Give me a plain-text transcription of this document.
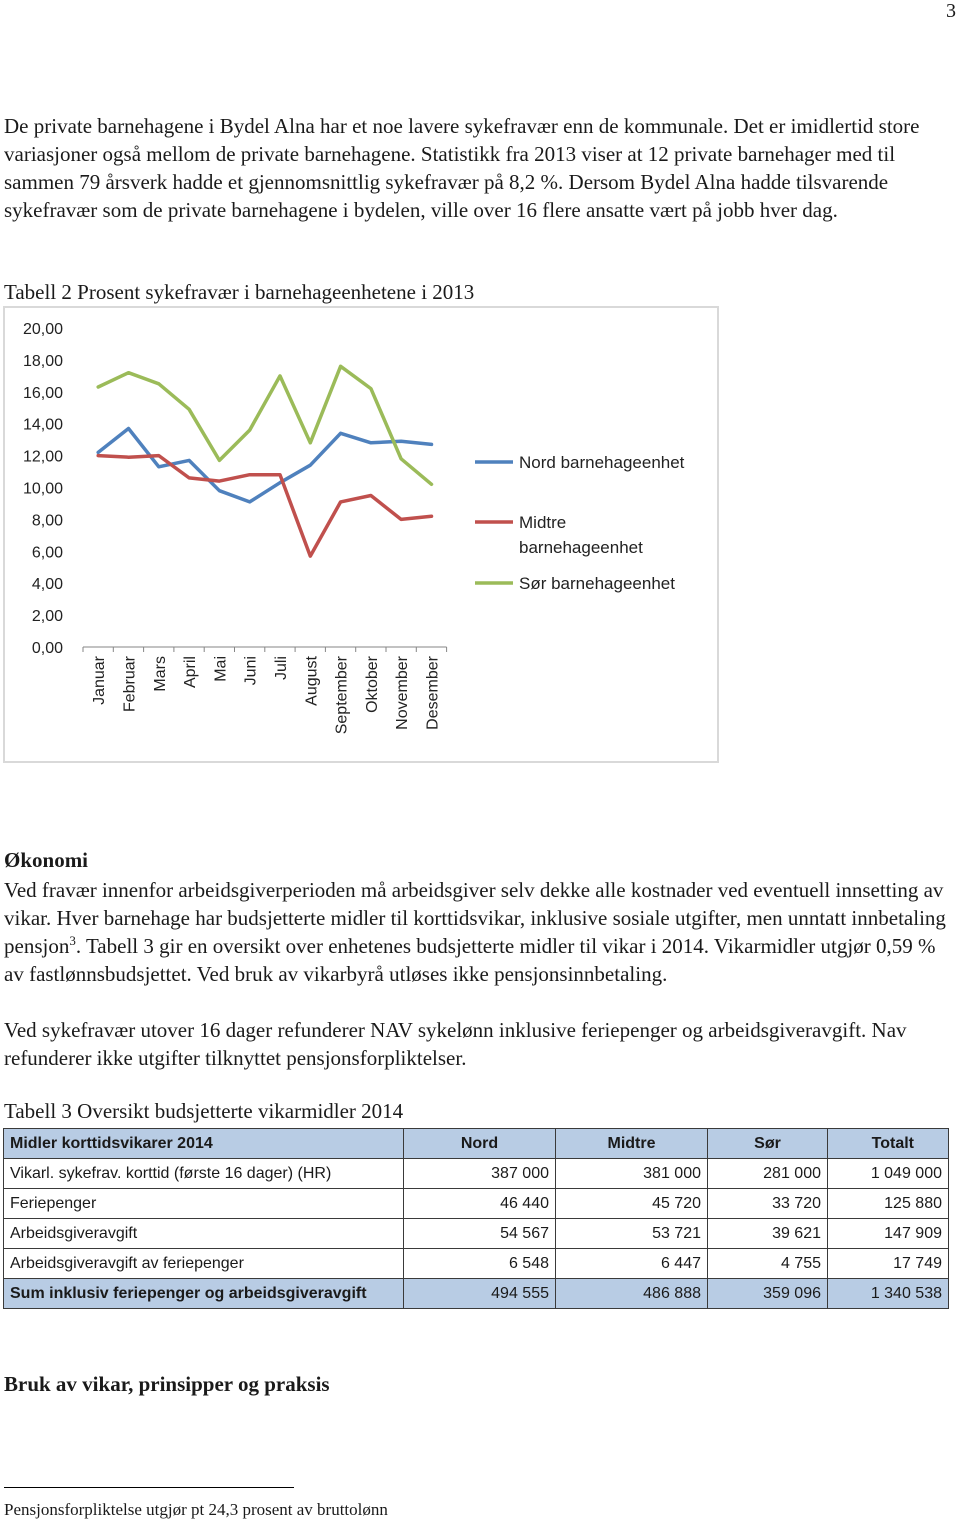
3

De private barnehagene i Bydel Alna har et noe lavere sykefravær enn de kommunale. Det er imidlertid store variasjoner også mellom de private barnehagene. Statistikk fra 2013 viser at 12 private barnehager med til sammen 79 årsverk hadde et gjennomsnittlig sykefravær på 8,2 %. Dersom Bydel Alna hadde tilsvarende sykefravær som de private barnehagene i bydelen, ville over 16 flere ansatte vært på jobb hver dag.

Tabell 2 Prosent sykefravær i barnehageenhetene i 2013
0,00
2,00
4,00
6,00
8,00
10,00
12,00
14,00
16,00
18,00
20,00
Januar Februar Mars April Mai Juni Juli August September Oktober November Desember
Nord barnehageenhet
Midtre
barnehageenhet
Sør barnehageenhet
Økonomi

Ved fravær innenfor arbeidsgiverperioden må arbeidsgiver selv dekke alle kostnader ved eventuell innsetting av vikar. Hver barnehage har budsjetterte midler til korttidsvikar, inklusive sosiale utgifter, men unntatt innbetaling pensjon$^3$. Tabell 3 gir en oversikt over enhetenes budsjetterte midler til vikar i 2014. Vikarmidler utgjør 0,59 % av fastlønnsbudsjettet. Ved bruk av vikarbyrå utløses ikke pensjonsinnbetaling.

Ved sykefravær utover 16 dager refunderer NAV sykelønn inklusive feriepenger og arbeidsgiveravgift. Nav refunderer ikke utgifter tilknyttet pensjonsforpliktelser.

Tabell 3 Oversikt budsjetterte vikarmidler 2014
Midler korttidsvikarer 2014	Nord	Midtre	Sør	Totalt
Vikarl. sykefrav. korttid (første 16 dager) (HR)	387 000	381 000	281 000	1 049 000
Feriepenger	46 440	45 720	33 720	125 880
Arbeidsgiveravgift	54 567	53 721	39 621	147 909
Arbeidsgiveravgift av feriepenger	6 548	6 447	4 755	17 749
Sum inklusiv feriepenger og arbeidsgiveravgift	494 555	486 888	359 096	1 340 538
Bruk av vikar, prinsipper og praksis
Pensjonsforpliktelse utgjør pt 24,3 prosent av bruttolønn
